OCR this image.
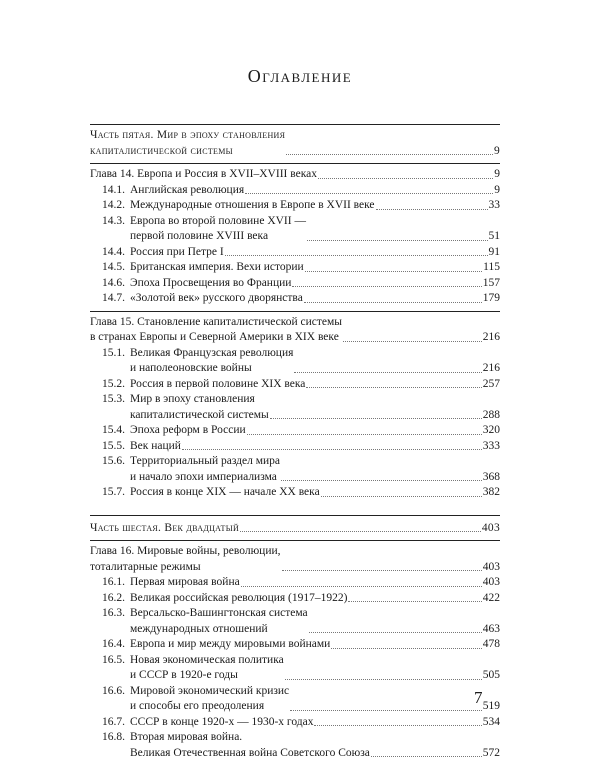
Оглавление
Часть пятая. Мир в эпоху становления
капиталистической системы	9
Глава 14. Европа и Россия в XVII–XVIII веках	9
14.1. Английская революция	9
14.2. Международные отношения в Европе в XVII веке	33
14.3. Европа во второй половине XVII —
первой половине XVIII века	51
14.4. Россия при Петре I	91
14.5. Британская империя. Вехи истории	115
14.6. Эпоха Просвещения во Франции	157
14.7. «Золотой век» русского дворянства	179
Глава 15. Становление капиталистической системы
в странах Европы и Северной Америки в XIX веке	216
15.1. Великая Французская революция
и наполеоновские войны	216
15.2. Россия в первой половине XIX века	257
15.3. Мир в эпоху становления
капиталистической системы	288
15.4. Эпоха реформ в России	320
15.5. Век наций	333
15.6. Территориальный раздел мира
и начало эпохи империализма	368
15.7. Россия в конце XIX — начале XX века	382
Часть шестая. Век двадцатый	403
Глава 16. Мировые войны, революции,
тоталитарные режимы	403
16.1. Первая мировая война	403
16.2. Великая российская революция (1917–1922)	422
16.3. Версальско-Вашингтонская система
международных отношений	463
16.4. Европа и мир между мировыми войнами	478
16.5. Новая экономическая политика
и СССР в 1920-е годы	505
16.6. Мировой экономический кризис
и способы его преодоления	519
16.7. СССР в конце 1920-х — 1930-х годах	534
16.8. Вторая мировая война.
Великая Отечественная война Советского Союза	572
7
